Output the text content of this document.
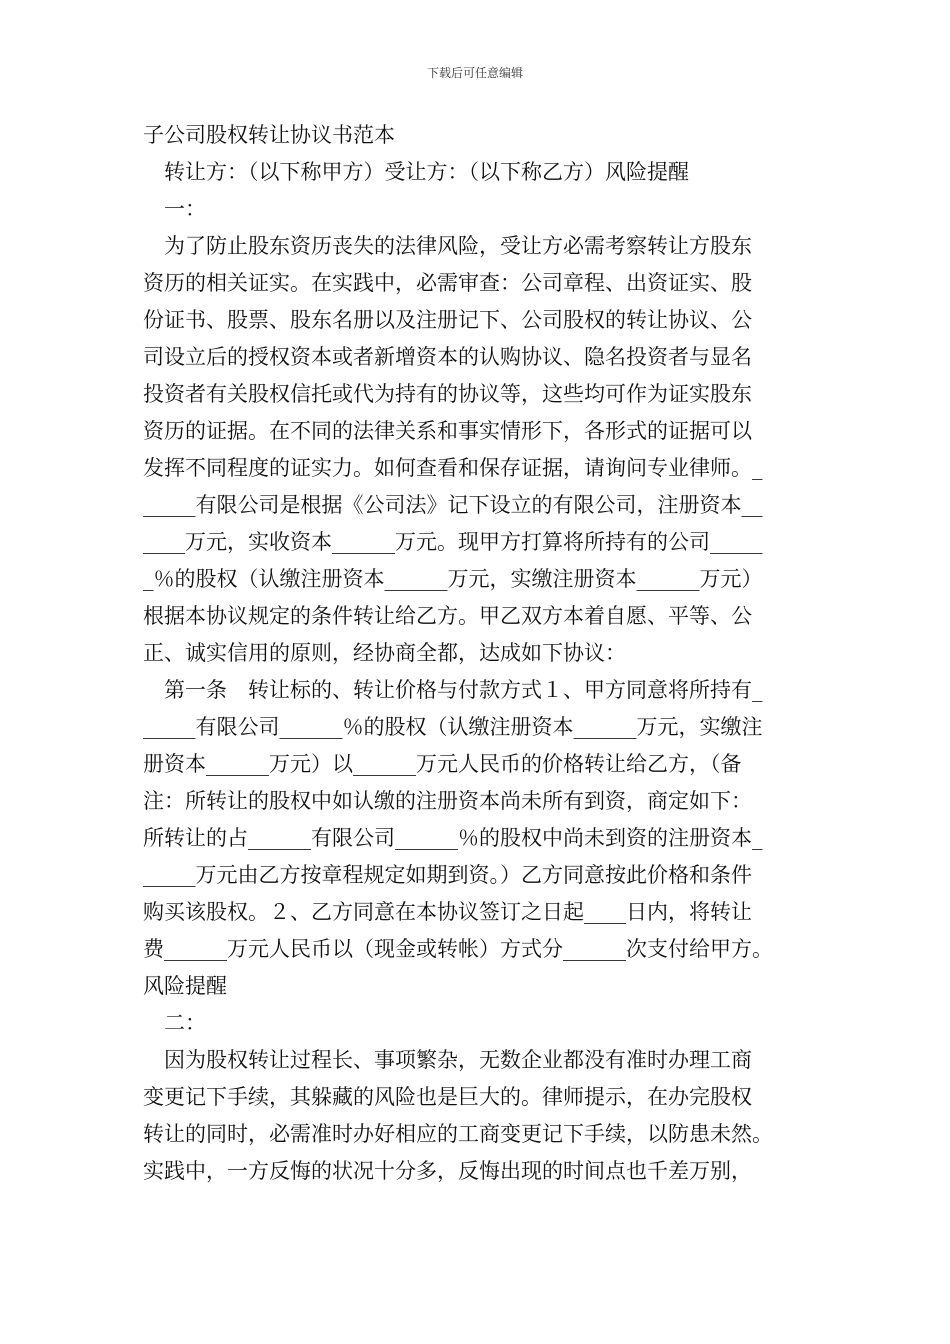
下载后可任意编辑
子公司股权转让协议书范本
　转让方：（以下称甲方）受让方：（以下称乙方）风险提醒
　一：
　为了防止股东资历丧失的法律风险，受让方必需考察转让方股东
资历的相关证实。在实践中，必需审查：公司章程、出资证实、股
份证书、股票、股东名册以及注册记下、公司股权的转让协议、公
司设立后的授权资本或者新增资本的认购协议、隐名投资者与显名
投资者有关股权信托或代为持有的协议等，这些均可作为证实股东
资历的证据。在不同的法律关系和事实情形下，各形式的证据可以
发挥不同程度的证实力。如何查看和保存证据，请询问专业律师。_
_____有限公司是根据《公司法》记下设立的有限公司，注册资本__
____万元，实收资本______万元。现甲方打算将所持有的公司_____
_％的股权（认缴注册资本______万元，实缴注册资本______万元）
根据本协议规定的条件转让给乙方。甲乙双方本着自愿、平等、公
正、诚实信用的原则，经协商全都，达成如下协议：
　第一条　转让标的、转让价格与付款方式１、甲方同意将所持有_
_____有限公司______％的股权（认缴注册资本______万元，实缴注
册资本______万元）以______万元人民币的价格转让给乙方，（备
注：所转让的股权中如认缴的注册资本尚未所有到资，商定如下：
所转让的占______有限公司______％的股权中尚未到资的注册资本_
_____万元由乙方按章程规定如期到资。）乙方同意按此价格和条件
购买该股权。２、乙方同意在本协议签订之日起____日内，将转让
费______万元人民币以（现金或转帐）方式分______次支付给甲方。
风险提醒
　二：
　因为股权转让过程长、事项繁杂，无数企业都没有准时办理工商
变更记下手续，其躲藏的风险也是巨大的。律师提示，在办完股权
转让的同时，必需准时办好相应的工商变更记下手续，以防患未然。
实践中，一方反悔的状况十分多，反悔出现的时间点也千差万别，
